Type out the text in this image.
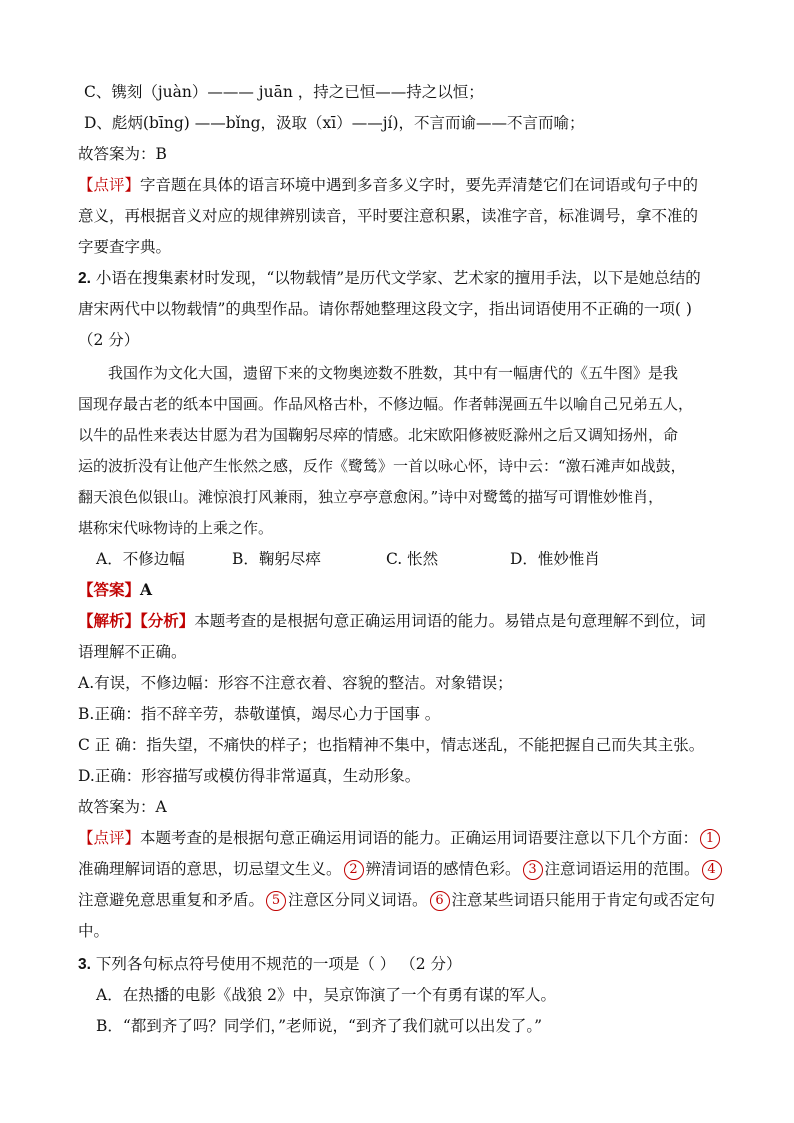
C、镌刻（juàn）——— juān ，持之已恒——持之以恒；
D、彪炳(bīng) ——bǐng，汲取（xī）——jí)，不言而谕——不言而喻；
故答案为：B
【点评】字音题在具体的语言环境中遇到多音多义字时，要先弄清楚它们在词语或句子中的
意义，再根据音义对应的规律辨别读音，平时要注意积累，读准字音，标准调号，拿不准的
字要查字典。
2. 小语在搜集素材时发现，“以物载情”是历代文学家、艺术家的擅用手法，以下是她总结的
唐宋两代中以物载情”的典型作品。请你帮她整理这段文字，指出词语使用不正确的一项( )
（2 分）
我国作为文化大国，遗留下来的文物奥迹数不胜数，其中有一幅唐代的《五牛图》是我
国现存最古老的纸本中国画。作品风格古朴，不修边幅。作者韩滉画五牛以喻自己兄弟五人，
以牛的品性来表达甘愿为君为国鞠躬尽瘁的情感。北宋欧阳修被贬滁州之后又调知扬州，命
运的波折没有让他产生怅然之感，反作《鹭鸶》一首以咏心怀，诗中云：“激石滩声如战鼓，
翻天浪色似银山。滩惊浪打风兼雨，独立亭亭意愈闲。”诗中对鹭鸶的描写可谓惟妙惟肖，
堪称宋代咏物诗的上乘之作。
A．不修边幅	B．鞠躬尽瘁	C. 怅然	D．惟妙惟肖
【答案】A
【解析】【分析】本题考查的是根据句意正确运用词语的能力。易错点是句意理解不到位，词
语理解不正确。
A.有误，不修边幅：形容不注意衣着、容貌的整洁。对象错误；
B.正确：指不辞辛劳，恭敬谨慎，竭尽心力于国事 。
C 正 确：指失望，不痛快的样子；也指精神不集中，情志迷乱，不能把握自己而失其主张。
D.正确：形容描写或模仿得非常逼真，生动形象。
故答案为：A
【点评】本题考查的是根据句意正确运用词语的能力。正确运用词语要注意以下几个方面： 1
准确理解词语的意思，切忌望文生义。 2 辨清词语的感情色彩。 3 注意词语运用的范围。 4
注意避免意思重复和矛盾。 5 注意区分同义词语。 6 注意某些词语只能用于肯定句或否定句
中。
3. 下列各句标点符号使用不规范的一项是（ ） （2 分）
A．在热播的电影《战狼 2》中，吴京饰演了一个有勇有谋的军人。
B．“都到齐了吗？同学们，”老师说，“到齐了我们就可以出发了。”
